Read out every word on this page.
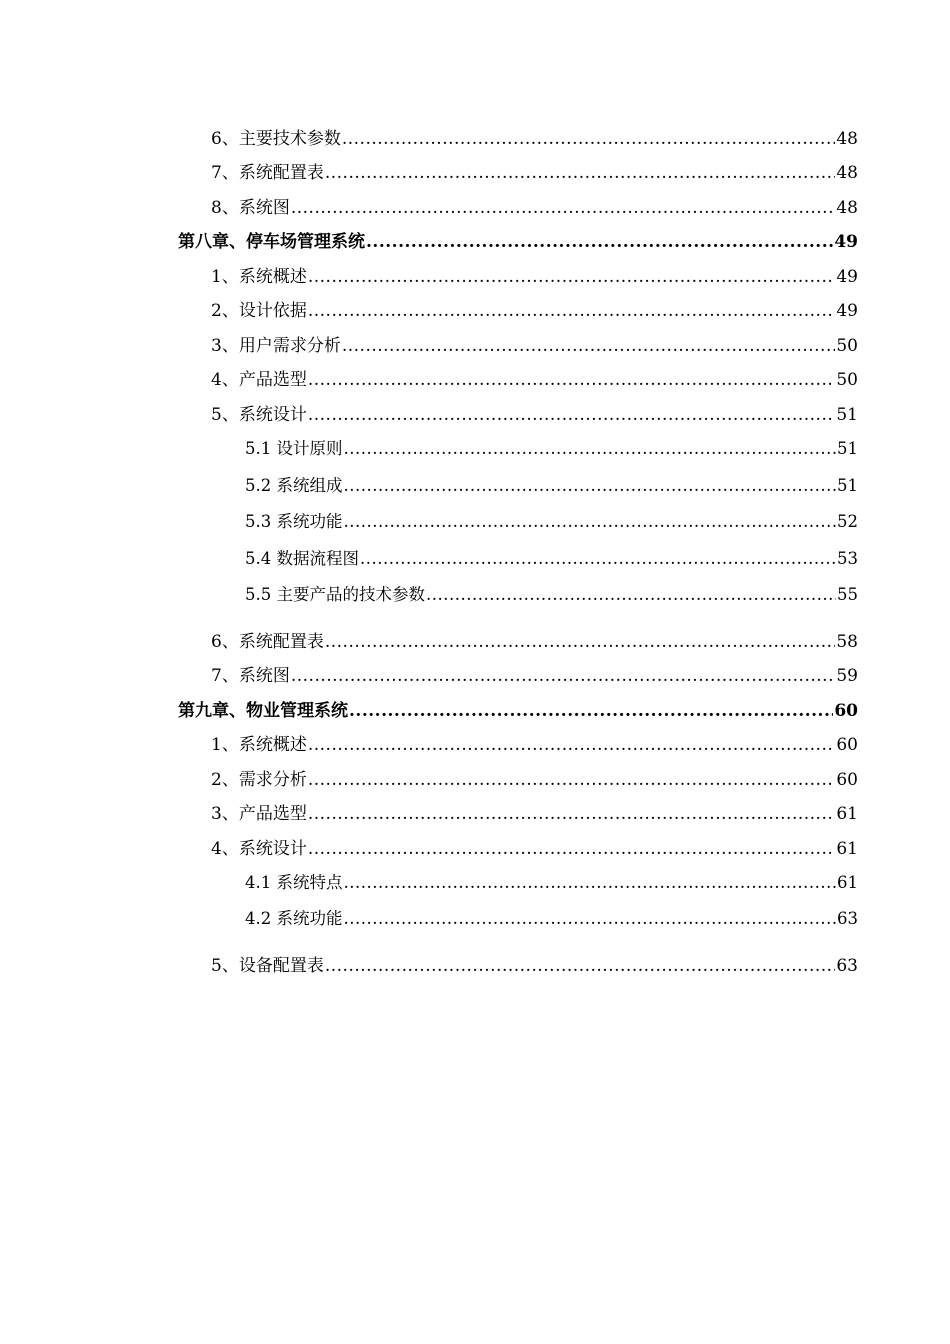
6、主要技术参数 .....	48
7、系统配置表 .....	48
8、系统图 .....	48
第八章、停车场管理系统 .....	49
1、系统概述 .....	49
2、设计依据 .....	49
3、用户需求分析 .....	50
4、产品选型 .....	50
5、系统设计 .....	51
5.1 设计原则 .....	51
5.2 系统组成 .....	51
5.3 系统功能 .....	52
5.4 数据流程图 .....	53
5.5 主要产品的技术参数 .....	55
6、系统配置表 .....	58
7、系统图 .....	59
第九章、物业管理系统 .....	60
1、系统概述 .....	60
2、需求分析 .....	60
3、产品选型 .....	61
4、系统设计 .....	61
4.1 系统特点 .....	61
4.2 系统功能 .....	63
5、设备配置表 .....	63
